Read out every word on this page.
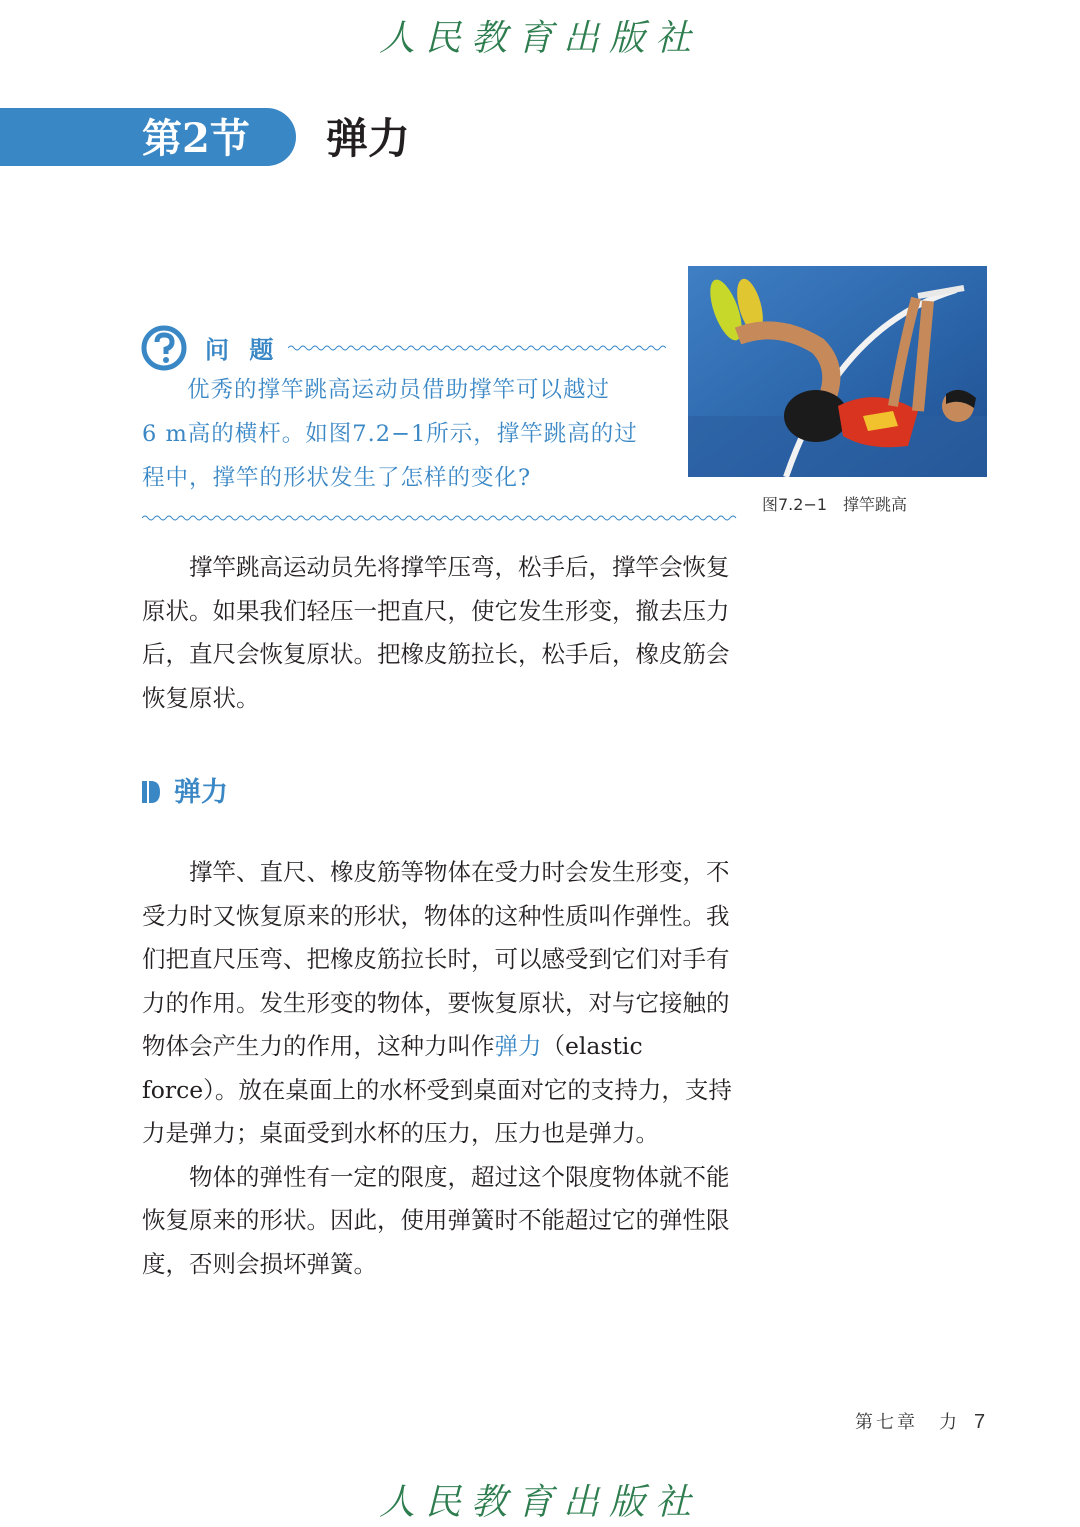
人民教育出版社
第2节 弹力
问 题

优秀的撑竿跳高运动员借助撑竿可以越过

6 m高的横杆。如图7.2−1所示，撑竿跳高的过

程中，撑竿的形状发生了怎样的变化?

图7.2−1　撑竿跳高

撑竿跳高运动员先将撑竿压弯，松手后，撑竿会恢复原状。如果我们轻压一把直尺，使它发生形变，撤去压力后，直尺会恢复原状。把橡皮筋拉长，松手后，橡皮筋会恢复原状。

弹力

撑竿、直尺、橡皮筋等物体在受力时会发生形变，不受力时又恢复原来的形状，物体的这种性质叫作弹性。我们把直尺压弯、把橡皮筋拉长时，可以感受到它们对手有力的作用。发生形变的物体，要恢复原状，对与它接触的物体会产生力的作用，这种力叫作弹力（elastic force）。放在桌面上的水杯受到桌面对它的支持力，支持力是弹力；桌面受到水杯的压力，压力也是弹力。

物体的弹性有一定的限度，超过这个限度物体就不能恢复原来的形状。因此，使用弹簧时不能超过它的弹性限度，否则会损坏弹簧。

第七章　力 7
人民教育出版社
